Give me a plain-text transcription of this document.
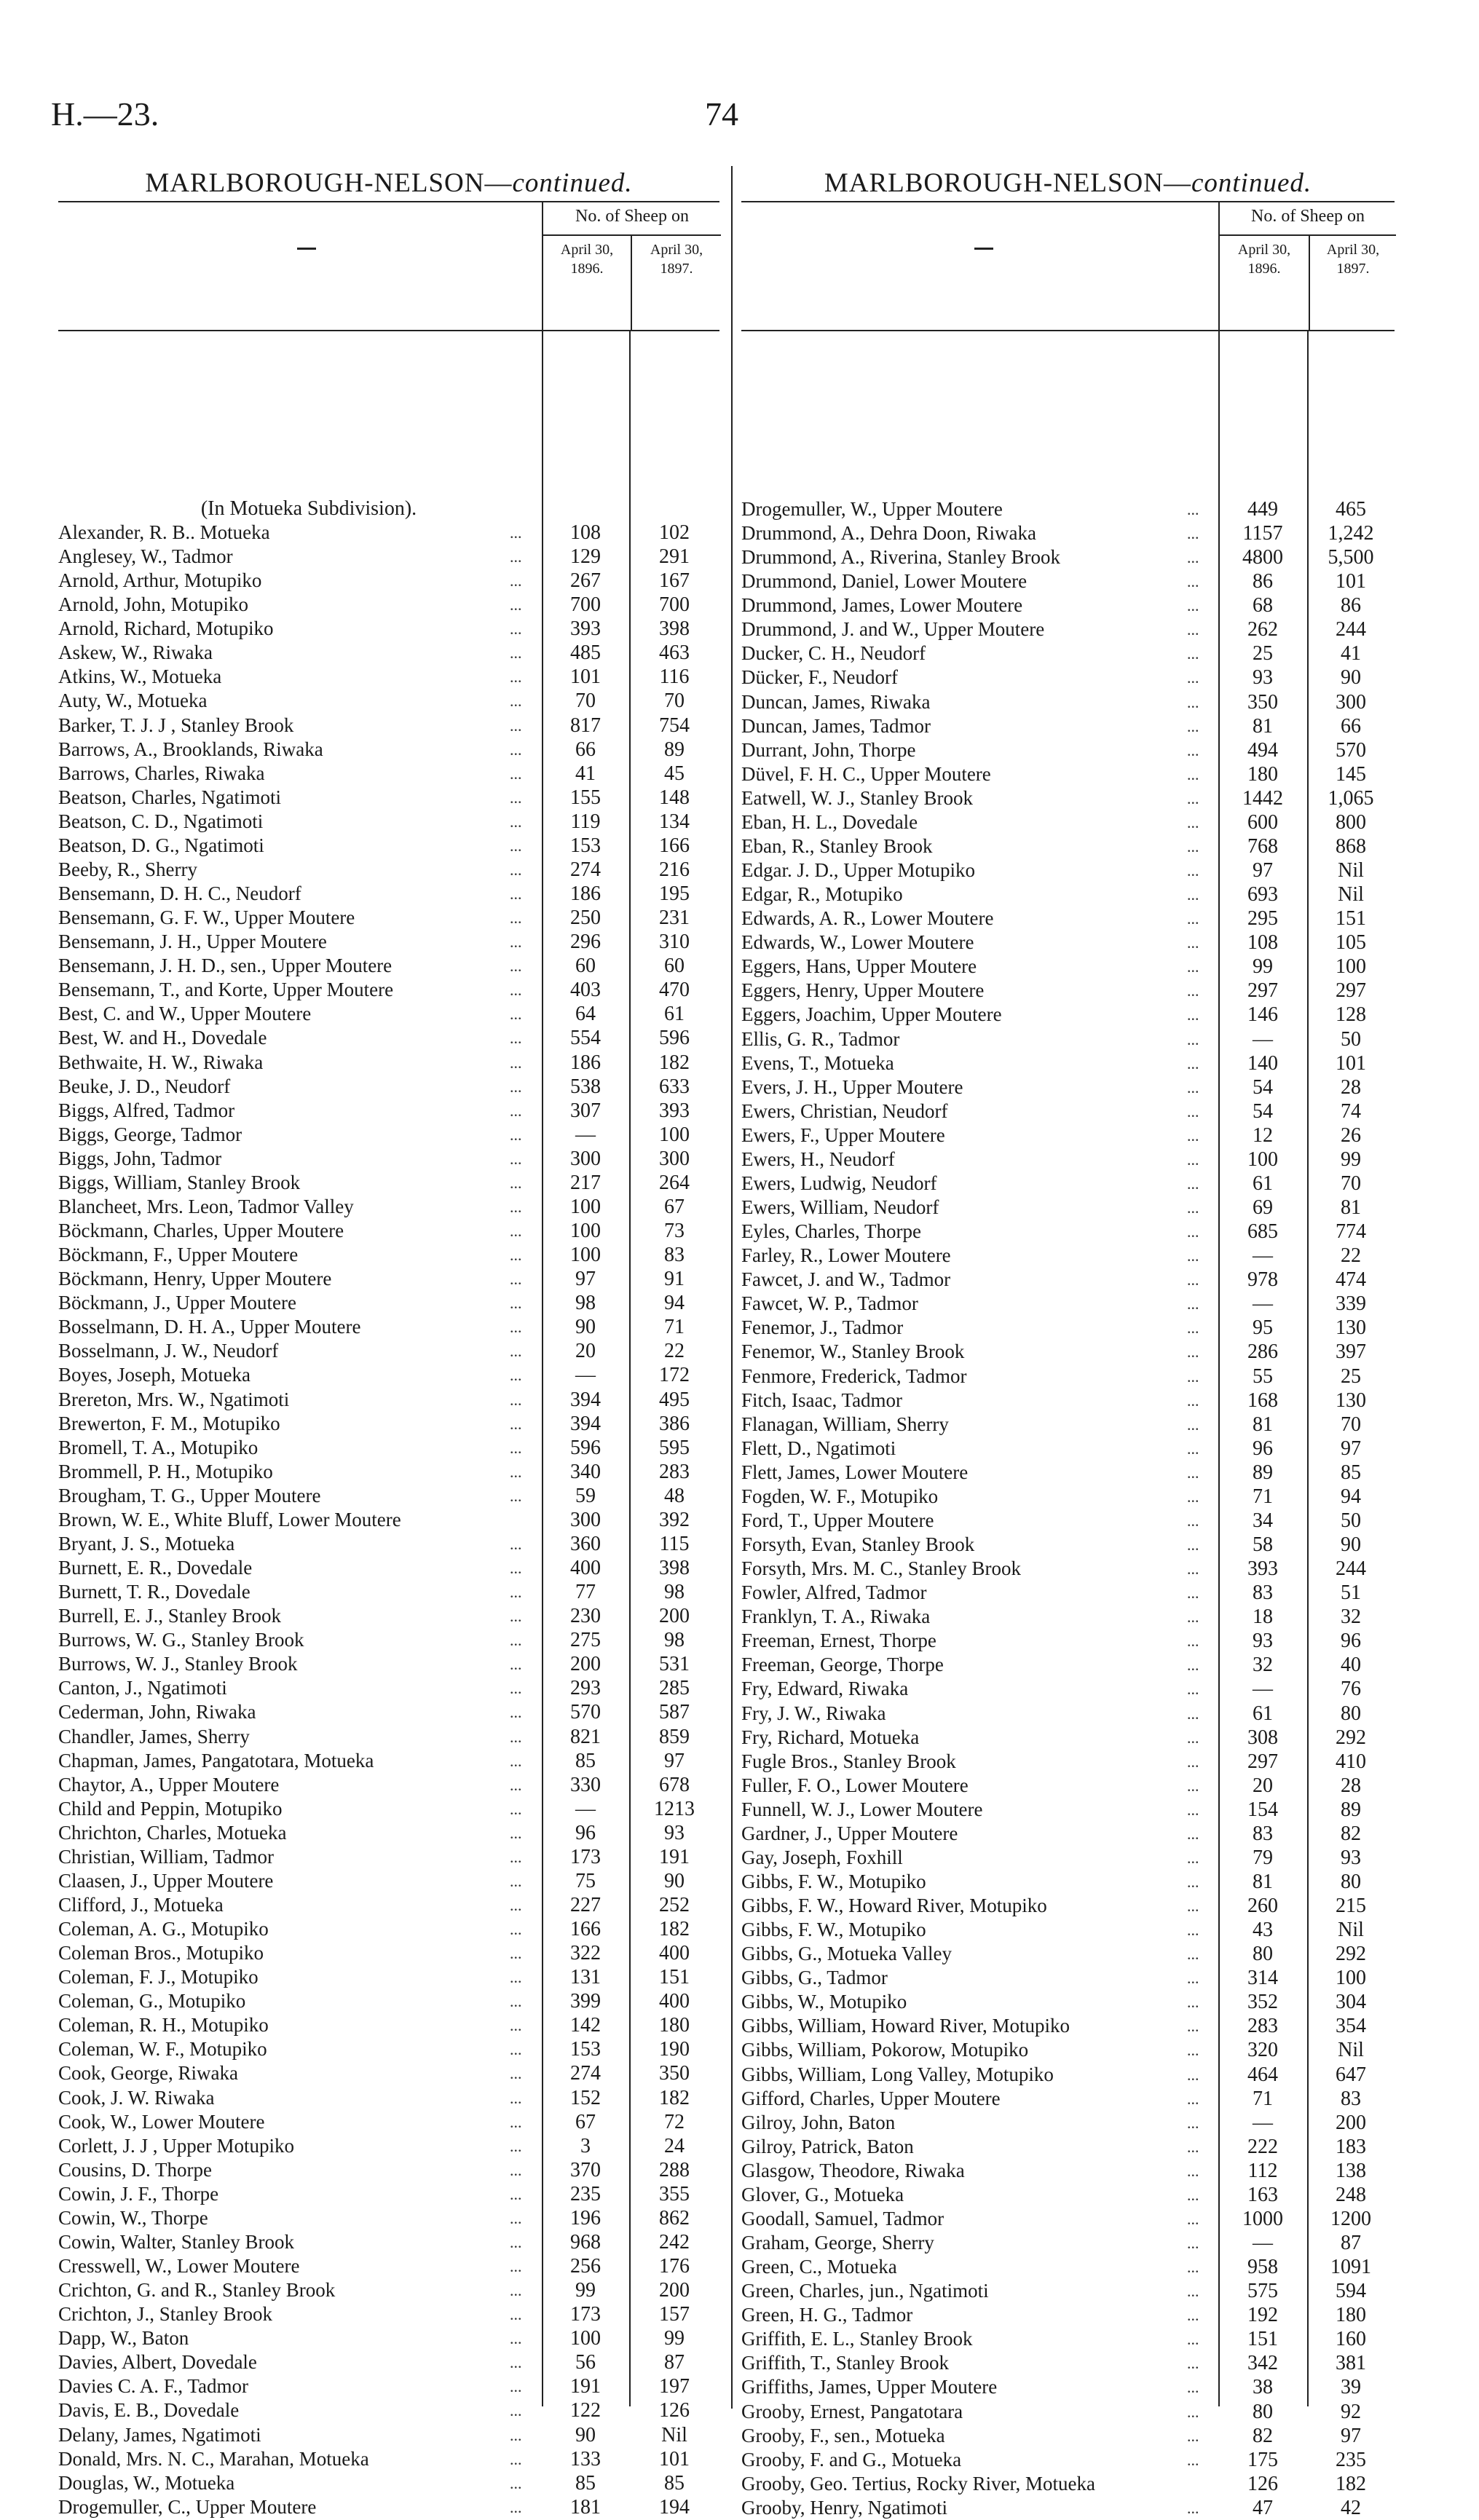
H.—23.	74
MARLBOROUGH-NELSON—continued.
No. of Sheep on
April 30, 1896.
April 30, 1897.
(In Motueka Subdivision).
Alexander, R. B.. Motueka	...	108	102
Anglesey, W., Tadmor	...	129	291
Arnold, Arthur, Motupiko	...	267	167
Arnold, John, Motupiko	...	700	700
Arnold, Richard, Motupiko	...	393	398
Askew, W., Riwaka	...	485	463
Atkins, W., Motueka	...	101	116
Auty, W., Motueka	...	70	70
Barker, T. J. J , Stanley Brook	...	817	754
Barrows, A., Brooklands, Riwaka	...	66	89
Barrows, Charles, Riwaka	...	41	45
Beatson, Charles, Ngatimoti	...	155	148
Beatson, C. D., Ngatimoti	...	119	134
Beatson, D. G., Ngatimoti	...	153	166
Beeby, R., Sherry	...	274	216
Bensemann, D. H. C., Neudorf	...	186	195
Bensemann, G. F. W., Upper Moutere	...	250	231
Bensemann, J. H., Upper Moutere	...	296	310
Bensemann, J. H. D., sen., Upper Moutere	...	60	60
Bensemann, T., and Korte, Upper Moutere	...	403	470
Best, C. and W., Upper Moutere	...	64	61
Best, W. and H., Dovedale	...	554	596
Bethwaite, H. W., Riwaka	...	186	182
Beuke, J. D., Neudorf	...	538	633
Biggs, Alfred, Tadmor	...	307	393
Biggs, George, Tadmor	...	—	100
Biggs, John, Tadmor	...	300	300
Biggs, William, Stanley Brook	...	217	264
Blancheet, Mrs. Leon, Tadmor Valley	...	100	67
Böckmann, Charles, Upper Moutere	...	100	73
Böckmann, F., Upper Moutere	...	100	83
Böckmann, Henry, Upper Moutere	...	97	91
Böckmann, J., Upper Moutere	...	98	94
Bosselmann, D. H. A., Upper Moutere	...	90	71
Bosselmann, J. W., Neudorf	...	20	22
Boyes, Joseph, Motueka	...	—	172
Brereton, Mrs. W., Ngatimoti	...	394	495
Brewerton, F. M., Motupiko	...	394	386
Bromell, T. A., Motupiko	...	596	595
Brommell, P. H., Motupiko	...	340	283
Brougham, T. G., Upper Moutere	...	59	48
Brown, W. E., White Bluff, Lower Moutere	300	392
Bryant, J. S., Motueka	...	360	115
Burnett, E. R., Dovedale	...	400	398
Burnett, T. R., Dovedale	...	77	98
Burrell, E. J., Stanley Brook	...	230	200
Burrows, W. G., Stanley Brook	...	275	98
Burrows, W. J., Stanley Brook	...	200	531
Canton, J., Ngatimoti	...	293	285
Cederman, John, Riwaka	...	570	587
Chandler, James, Sherry	...	821	859
Chapman, James, Pangatotara, Motueka	...	85	97
Chaytor, A., Upper Moutere	...	330	678
Child and Peppin, Motupiko	...	—	1213
Chrichton, Charles, Motueka	...	96	93
Christian, William, Tadmor	...	173	191
Claasen, J., Upper Moutere	...	75	90
Clifford, J., Motueka	...	227	252
Coleman, A. G., Motupiko	...	166	182
Coleman Bros., Motupiko	...	322	400
Coleman, F. J., Motupiko	...	131	151
Coleman, G., Motupiko	...	399	400
Coleman, R. H., Motupiko	...	142	180
Coleman, W. F., Motupiko	...	153	190
Cook, George, Riwaka	...	274	350
Cook, J. W. Riwaka	...	152	182
Cook, W., Lower Moutere	...	67	72
Corlett, J. J , Upper Motupiko	...	3	24
Cousins, D. Thorpe	...	370	288
Cowin, J. F., Thorpe	...	235	355
Cowin, W., Thorpe	...	196	862
Cowin, Walter, Stanley Brook	...	968	242
Cresswell, W., Lower Moutere	...	256	176
Crichton, G. and R., Stanley Brook	...	99	200
Crichton, J., Stanley Brook	...	173	157
Dapp, W., Baton	...	100	99
Davies, Albert, Dovedale	...	56	87
Davies C. A. F., Tadmor	...	191	197
Davis, E. B., Dovedale	...	122	126
Delany, James, Ngatimoti	...	90	Nil
Donald, Mrs. N. C., Marahan, Motueka	...	133	101
Douglas, W., Motueka	...	85	85
Drogemuller, C., Upper Moutere	...	181	194
MARLBOROUGH-NELSON—continued.
No. of Sheep on
April 30, 1896.
April 30, 1897.
Drogemuller, W., Upper Moutere	...	449	465
Drummond, A., Dehra Doon, Riwaka	...	1157	1,242
Drummond, A., Riverina, Stanley Brook	...	4800	5,500
Drummond, Daniel, Lower Moutere	...	86	101
Drummond, James, Lower Moutere	...	68	86
Drummond, J. and W., Upper Moutere	...	262	244
Ducker, C. H., Neudorf	...	25	41
Dücker, F., Neudorf	...	93	90
Duncan, James, Riwaka	...	350	300
Duncan, James, Tadmor	...	81	66
Durrant, John, Thorpe	...	494	570
Düvel, F. H. C., Upper Moutere	...	180	145
Eatwell, W. J., Stanley Brook	...	1442	1,065
Eban, H. L., Dovedale	...	600	800
Eban, R., Stanley Brook	...	768	868
Edgar. J. D., Upper Motupiko	...	97	Nil
Edgar, R., Motupiko	...	693	Nil
Edwards, A. R., Lower Moutere	...	295	151
Edwards, W., Lower Moutere	...	108	105
Eggers, Hans, Upper Moutere	...	99	100
Eggers, Henry, Upper Moutere	...	297	297
Eggers, Joachim, Upper Moutere	...	146	128
Ellis, G. R., Tadmor	...	—	50
Evens, T., Motueka	...	140	101
Evers, J. H., Upper Moutere	...	54	28
Ewers, Christian, Neudorf	...	54	74
Ewers, F., Upper Moutere	...	12	26
Ewers, H., Neudorf	...	100	99
Ewers, Ludwig, Neudorf	...	61	70
Ewers, William, Neudorf	...	69	81
Eyles, Charles, Thorpe	...	685	774
Farley, R., Lower Moutere	...	—	22
Fawcet, J. and W., Tadmor	...	978	474
Fawcet, W. P., Tadmor	...	—	339
Fenemor, J., Tadmor	...	95	130
Fenemor, W., Stanley Brook	...	286	397
Fenmore, Frederick, Tadmor	...	55	25
Fitch, Isaac, Tadmor	...	168	130
Flanagan, William, Sherry	...	81	70
Flett, D., Ngatimoti	...	96	97
Flett, James, Lower Moutere	...	89	85
Fogden, W. F., Motupiko	...	71	94
Ford, T., Upper Moutere	...	34	50
Forsyth, Evan, Stanley Brook	...	58	90
Forsyth, Mrs. M. C., Stanley Brook	...	393	244
Fowler, Alfred, Tadmor	...	83	51
Franklyn, T. A., Riwaka	...	18	32
Freeman, Ernest, Thorpe	...	93	96
Freeman, George, Thorpe	...	32	40
Fry, Edward, Riwaka	...	—	76
Fry, J. W., Riwaka	...	61	80
Fry, Richard, Motueka	...	308	292
Fugle Bros., Stanley Brook	...	297	410
Fuller, F. O., Lower Moutere	...	20	28
Funnell, W. J., Lower Moutere	...	154	89
Gardner, J., Upper Moutere	...	83	82
Gay, Joseph, Foxhill	...	79	93
Gibbs, F. W., Motupiko	...	81	80
Gibbs, F. W., Howard River, Motupiko	...	260	215
Gibbs, F. W., Motupiko	...	43	Nil
Gibbs, G., Motueka Valley	...	80	292
Gibbs, G., Tadmor	...	314	100
Gibbs, W., Motupiko	...	352	304
Gibbs, William, Howard River, Motupiko	...	283	354
Gibbs, William, Pokorow, Motupiko	...	320	Nil
Gibbs, William, Long Valley, Motupiko	...	464	647
Gifford, Charles, Upper Moutere	...	71	83
Gilroy, John, Baton	...	—	200
Gilroy, Patrick, Baton	...	222	183
Glasgow, Theodore, Riwaka	...	112	138
Glover, G., Motueka	...	163	248
Goodall, Samuel, Tadmor	...	1000	1200
Graham, George, Sherry	...	—	87
Green, C., Motueka	...	958	1091
Green, Charles, jun., Ngatimoti	...	575	594
Green, H. G., Tadmor	...	192	180
Griffith, E. L., Stanley Brook	...	151	160
Griffith, T., Stanley Brook	...	342	381
Griffiths, James, Upper Moutere	...	38	39
Grooby, Ernest, Pangatotara	...	80	92
Grooby, F., sen., Motueka	...	82	97
Grooby, F. and G., Motueka	...	175	235
Grooby, Geo. Tertius, Rocky River, Motueka	126	182
Grooby, Henry, Ngatimoti	...	47	42
